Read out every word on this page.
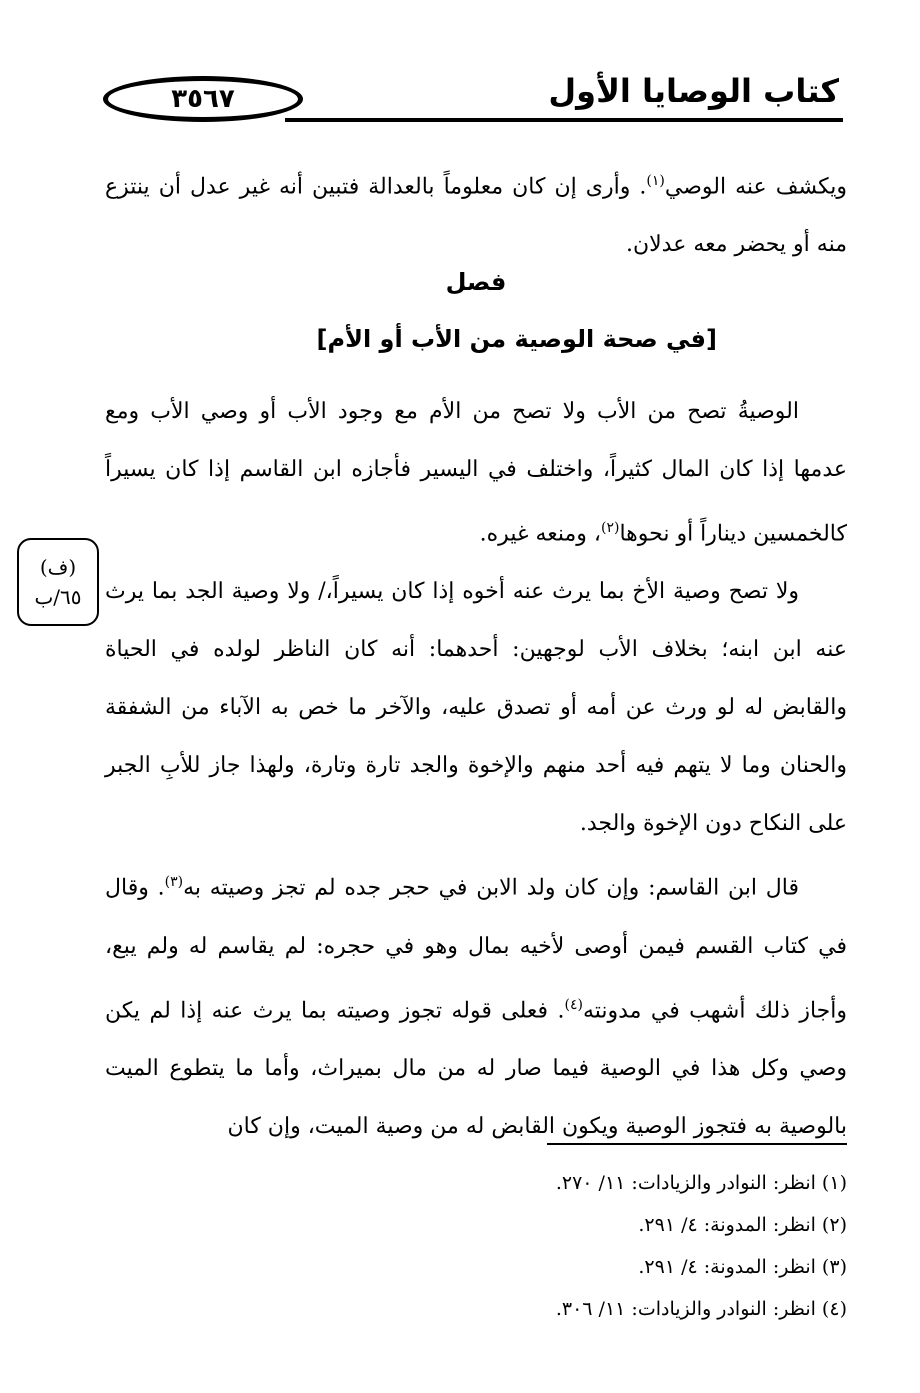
٣٥٦٧	كتاب الوصايا الأول

ويكشف عنه الوصي$^{(١)}$. وأرى إن كان معلوماً بالعدالة فتبين أنه غير عدل أن ينتزع منه أو يحضر معه عدلان.

فصل
[في صحة الوصية من الأب أو الأم]

الوصيةُ تصح من الأب ولا تصح من الأم مع وجود الأب أو وصي الأب ومع عدمها إذا كان المال كثيراً، واختلف في اليسير فأجازه ابن القاسم إذا كان يسيراً كالخمسين ديناراً أو نحوها$^{(٢)}$، ومنعه غيره.

ولا تصح وصية الأخ بما يرث عنه أخوه إذا كان يسيراً،/ ولا وصية الجد بما يرث عنه ابن ابنه؛ بخلاف الأب لوجهين: أحدهما: أنه كان الناظر لولده في الحياة والقابض له لو ورث عن أمه أو تصدق عليه، والآخر ما خص به الآباء من الشفقة والحنان وما لا يتهم فيه أحد منهم والإخوة والجد تارة وتارة، ولهذا جاز للأبِ الجبر على النكاح دون الإخوة والجد.

قال ابن القاسم: وإن كان ولد الابن في حجر جده لم تجز وصيته به$^{(٣)}$. وقال في كتاب القسم فيمن أوصى لأخيه بمال وهو في حجره: لم يقاسم له ولم يبع، وأجاز ذلك أشهب في مدونته$^{(٤)}$. فعلى قوله تجوز وصيته بما يرث عنه إذا لم يكن وصي وكل هذا في الوصية فيما صار له من مال بميراث، وأما ما يتطوع الميت بالوصية به فتجوز الوصية ويكون القابض له من وصية الميت، وإن كان

(ف)
٦٥/ب
(١) انظر: النوادر والزيادات: ١١/ ٢٧٠.
(٢) انظر: المدونة: ٤/ ٢٩١.
(٣) انظر: المدونة: ٤/ ٢٩١.
(٤) انظر: النوادر والزيادات: ١١/ ٣٠٦.
